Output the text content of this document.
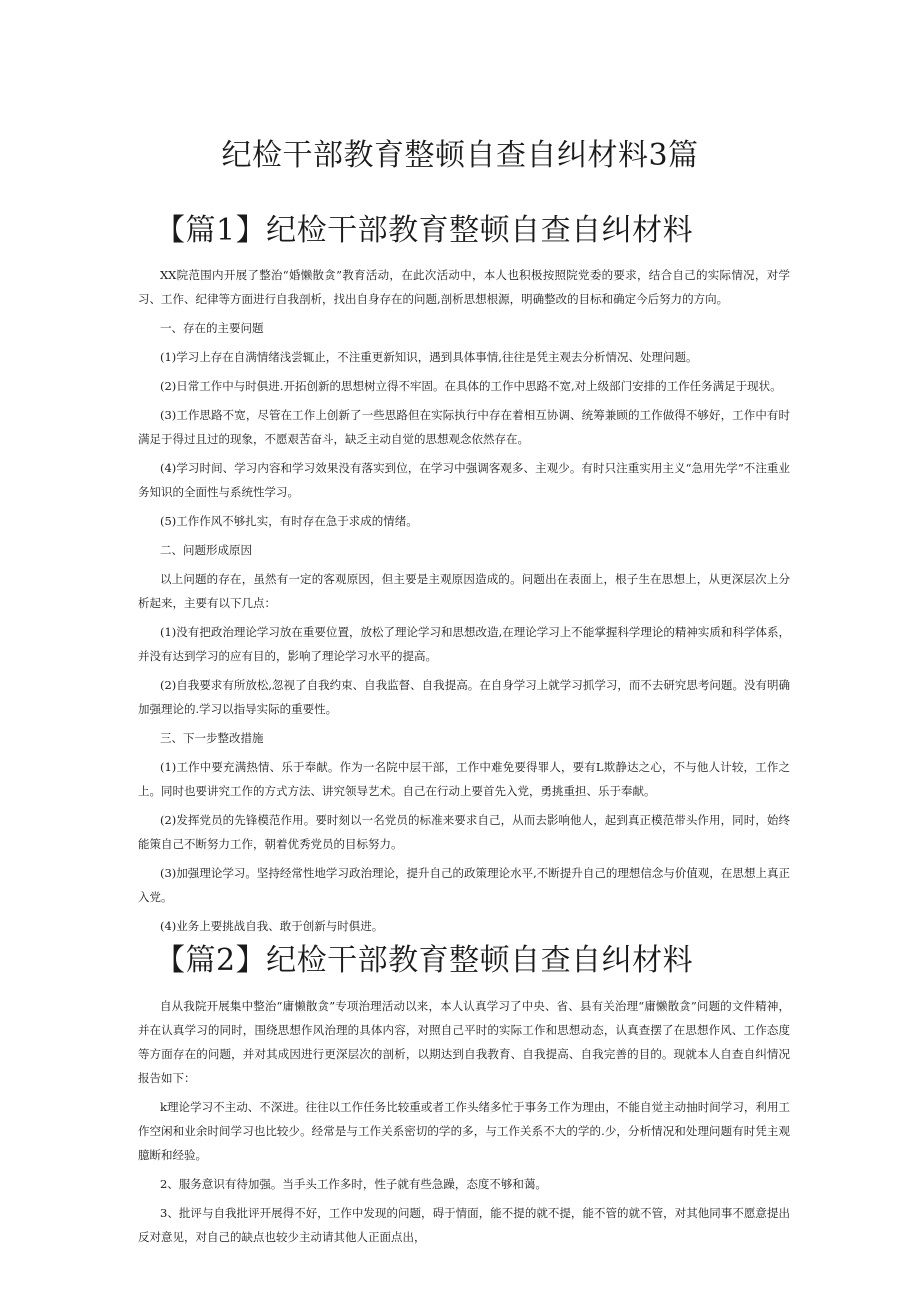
纪检干部教育整顿自查自纠材料3篇
【篇1】纪检干部教育整顿自查自纠材料

XX院范围内开展了整治“婚懒散贪”教育活动，在此次活动中，本人也积极按照院党委的要求，结合自己的实际情况，对学习、工作、纪律等方面进行自我剖析，找出自身存在的问题,剖析思想根源，明确整改的目标和确定今后努力的方向。

一、存在的主要问题

(1)学习上存在自满情绪浅尝辄止，不注重更新知识，遇到具体事情,往往是凭主观去分析情况、处理问题。

(2)日常工作中与时俱进.开拓创新的思想树立得不牢固。在具体的工作中思路不宽,对上级部门安排的工作任务满足于现状。

(3)工作思路不宽，尽管在工作上创新了一些思路但在实际执行中存在着相互协调、统筹兼顾的工作做得不够好，工作中有时满足于得过且过的现象，不愿艰苦奋斗，缺乏主动自觉的思想观念依然存在。

(4)学习时间、学习内容和学习效果没有落实到位，在学习中强调客观多、主观少。有时只注重实用主义“急用先学”不注重业务知识的全面性与系统性学习。

(5)工作作风不够扎实，有时存在急于求成的情绪。

二、问题形成原因

以上问题的存在，虽然有一定的客观原因，但主要是主观原因造成的。问题出在表面上，根子生在思想上，从更深层次上分析起来，主要有以下几点：

(1)没有把政治理论学习放在重要位置，放松了理论学习和思想改造,在理论学习上不能掌握科学理论的精神实质和科学体系，并没有达到学习的应有目的，影响了理论学习水平的提高。

(2)自我要求有所放松,忽视了自我约束、自我监督、自我提高。在自身学习上就学习抓学习，而不去研究思考问题。没有明确加强理论的.学习以指导实际的重要性。

三、下一步整改措施

(1)工作中要充满热情、乐于奉献。作为一名院中层干部，工作中难免要得罪人，要有L欺静达之心，不与他人计较，工作之上。同时也要讲究工作的方式方法、讲究领导艺术。自己在行动上要首先入党，勇挑重担、乐于奉献。

(2)发挥党员的先锋模范作用。要时刻以一名党员的标准来要求自己，从而去影响他人，起到真正模范带头作用，同时，始终能策自己不断努力工作，朝着优秀党员的目标努力。

(3)加强理论学习。坚持经常性地学习政治理论，提升自己的政策理论水平,不断提升自己的理想信念与价值观，在思想上真正入党。

(4)业务上要挑战自我、敢于创新与时俱进。

【篇2】纪检干部教育整顿自查自纠材料

自从我院开展集中整治“庸懒散贪”专项治理活动以来，本人认真学习了中央、省、县有关治理“庸懒散贪”问题的文件精神，并在认真学习的同时，围绕思想作风治理的具体内容，对照自己平时的实际工作和思想动态，认真查摆了在思想作风、工作态度等方面存在的问题，并对其成因进行更深层次的剖析，以期达到自我教育、自我提高、自我完善的目的。现就本人自查自纠情况报告如下：

k理论学习不主动、不深进。往往以工作任务比较重或者工作头绪多忙于事务工作为理由，不能自觉主动抽时间学习，利用工作空闲和业余时间学习也比较少。经常是与工作关系密切的学的多，与工作关系不大的学的.少，分析情况和处理问题有时凭主观臆断和经验。

2、服务意识有待加强。当手头工作多时，性子就有些急躁，态度不够和蔼。

3、批评与自我批评开展得不好，工作中发现的问题，碍于情面，能不提的就不提，能不管的就不管，对其他同事不愿意提出反对意见，对自己的缺点也较少主动请其他人正面点出，
